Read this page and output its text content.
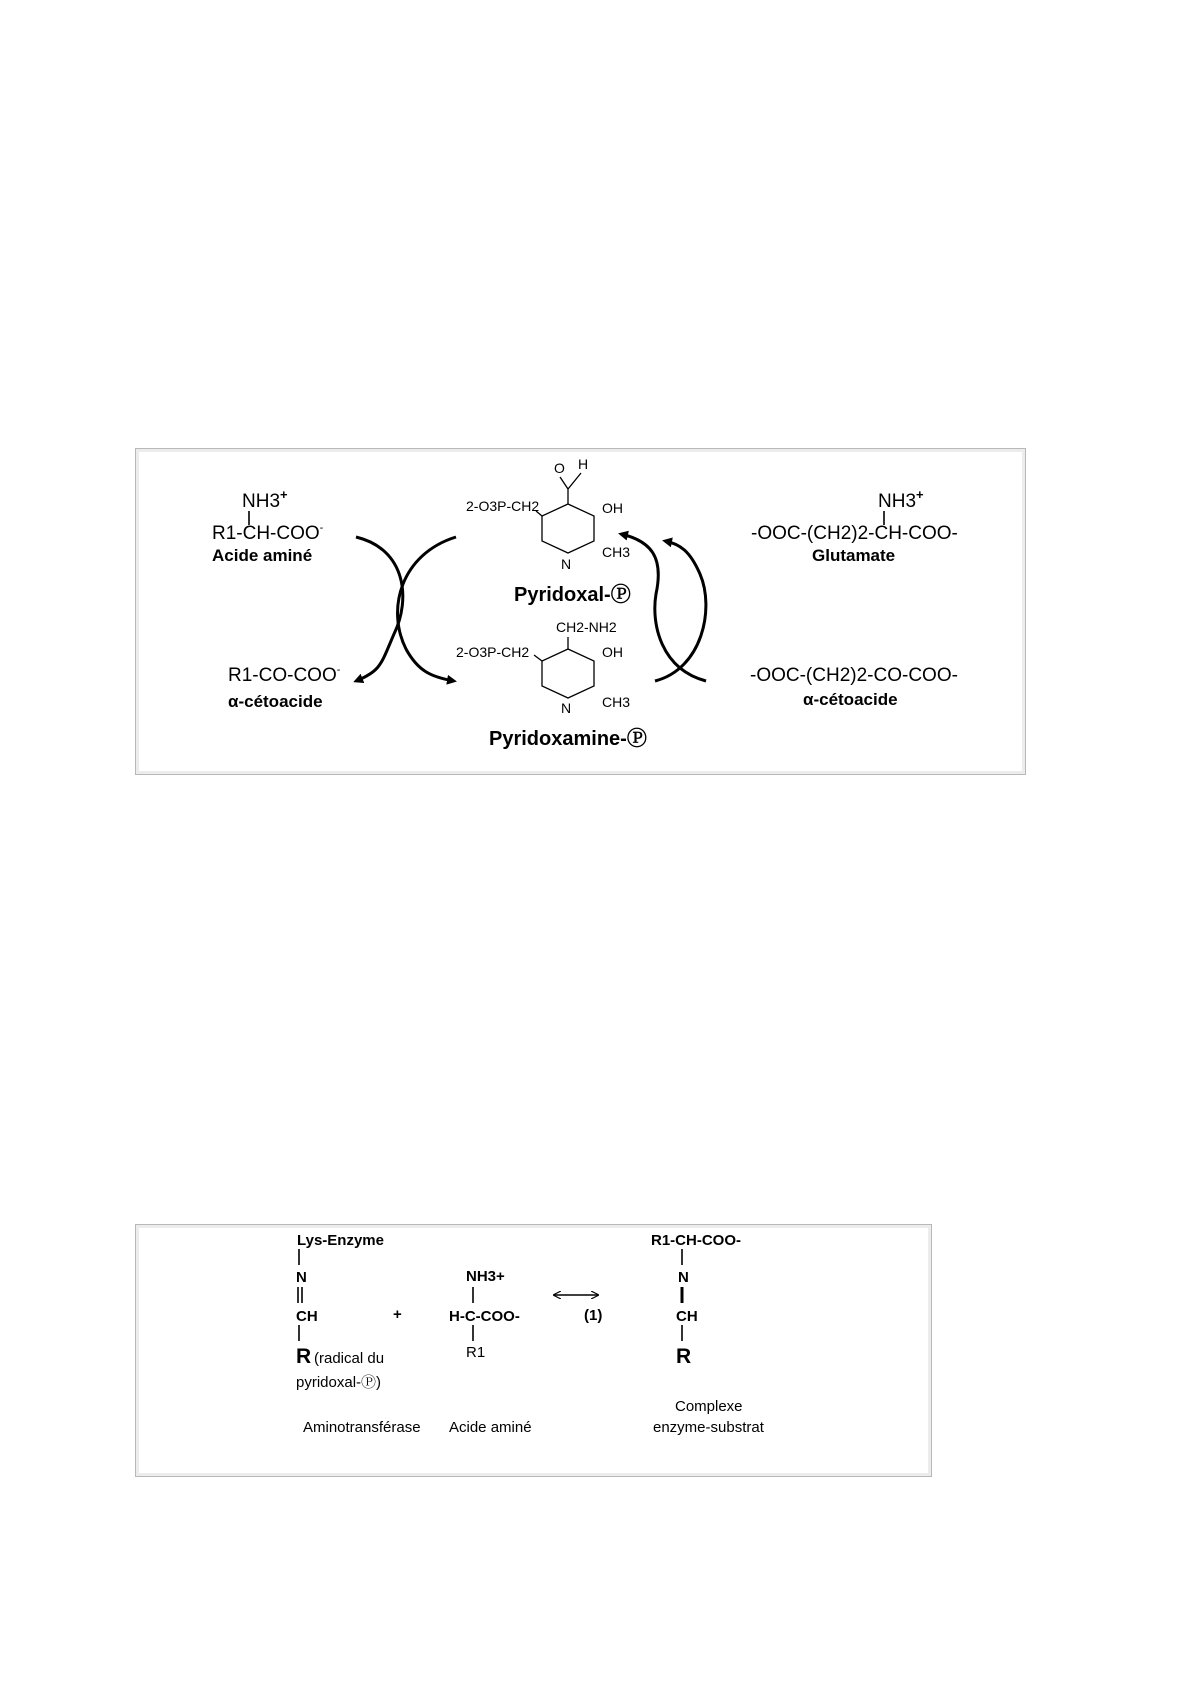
NH3+
R1-CH-COO-
Acide aminé
R1-CO-COO-
α-cétoacide
O H
2-O3P-CH2	OH
N
CH3
Pyridoxal-Ⓟ
CH2-NH2
2-O3P-CH2	OH
N CH3
Pyridoxamine-Ⓟ
NH3+
-OOC-(CH2)2-CH-COO-
Glutamate
-OOC-(CH2)2-CO-COO-
α-cétoacide
Lys-Enzyme
N
CH
R (radical du
pyridoxal-Ⓟ)
Aminotransférase
+
NH3+
H-C-COO-
R1
Acide aminé
(1)
R1-CH-COO-
N
CH
R
Complexe
enzyme-substrat
